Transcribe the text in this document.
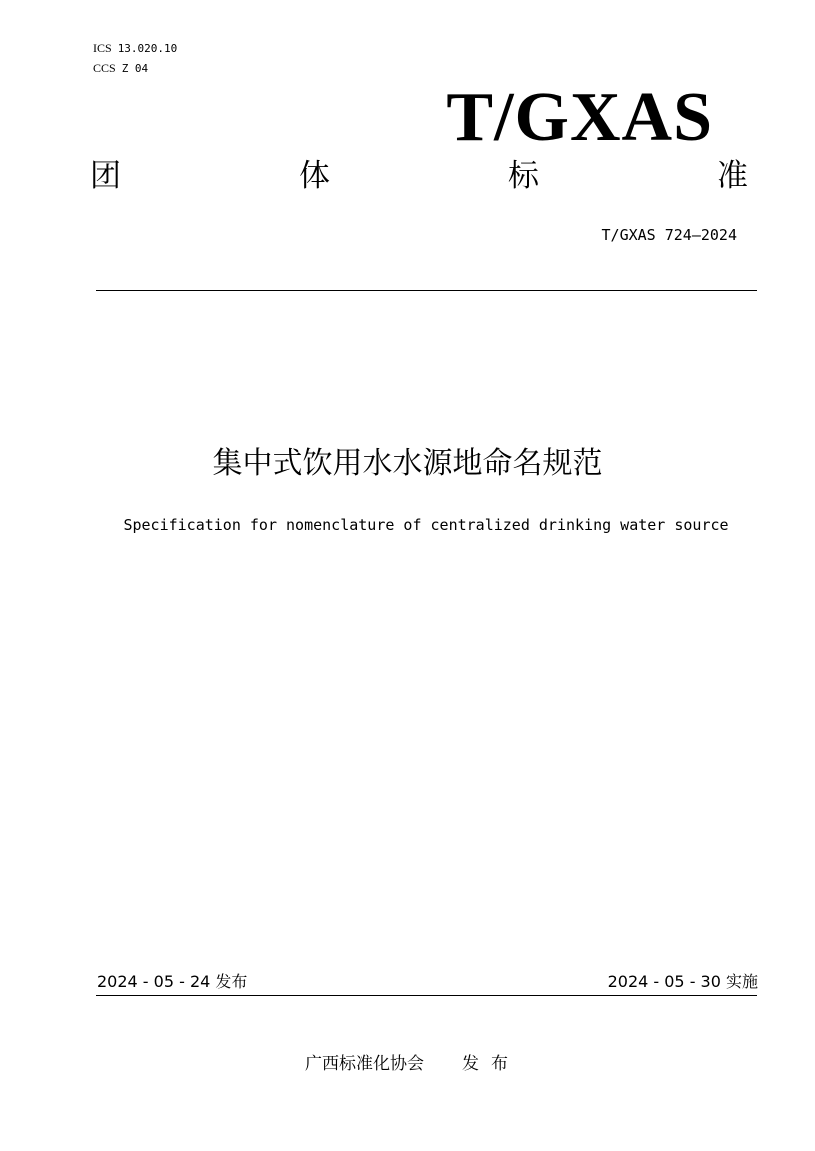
ICS 13.020.10
CCS Z 04
T/GXAS
团	体	标	准
T/GXAS 724—2024
集中式饮用水水源地命名规范
Specification for nomenclature of centralized drinking water source
2024 - 05 - 24 发布	2024 - 05 - 30 实施
广西标准化协会 发布
